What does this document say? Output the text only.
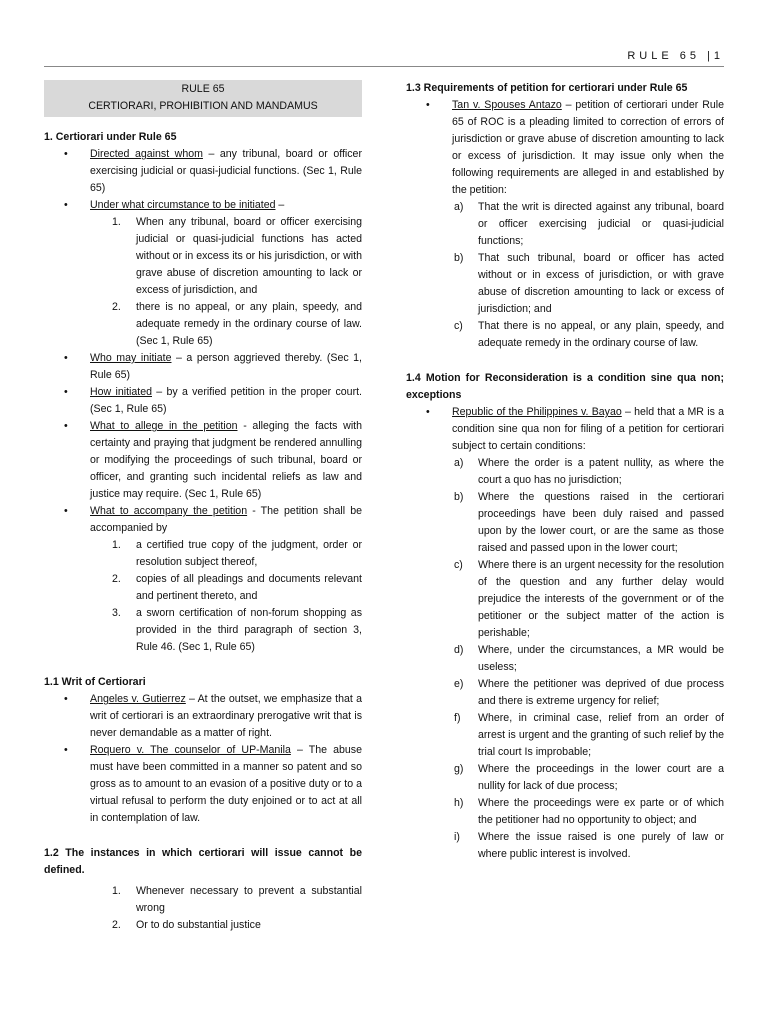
RULE 65 |1
RULE 65
CERTIORARI, PROHIBITION AND MANDAMUS
1. Certiorari under Rule 65
• Directed against whom – any tribunal, board or officer exercising judicial or quasi-judicial functions. (Sec 1, Rule 65)
• Under what circumstance to be initiated –
1. When any tribunal, board or officer exercising judicial or quasi-judicial functions has acted without or in excess its or his jurisdiction, or with grave abuse of discretion amounting to lack or excess of jurisdiction, and
2. there is no appeal, or any plain, speedy, and adequate remedy in the ordinary course of law. (Sec 1, Rule 65)
• Who may initiate – a person aggrieved thereby. (Sec 1, Rule 65)
• How initiated – by a verified petition in the proper court. (Sec 1, Rule 65)
• What to allege in the petition - alleging the facts with certainty and praying that judgment be rendered annulling or modifying the proceedings of such tribunal, board or officer, and granting such incidental reliefs as law and justice may require. (Sec 1, Rule 65)
• What to accompany the petition - The petition shall be accompanied by
1. a certified true copy of the judgment, order or resolution subject thereof,
2. copies of all pleadings and documents relevant and pertinent thereto, and
3. a sworn certification of non-forum shopping as provided in the third paragraph of section 3, Rule 46. (Sec 1, Rule 65)
1.1 Writ of Certiorari
• Angeles v. Gutierrez – At the outset, we emphasize that a writ of certiorari is an extraordinary prerogative writ that is never demandable as a matter of right.
• Roquero v. The counselor of UP-Manila – The abuse must have been committed in a manner so patent and so gross as to amount to an evasion of a positive duty or to a virtual refusal to perform the duty enjoined or to act at all in contemplation of law.
1.2 The instances in which certiorari will issue cannot be defined.
1. Whenever necessary to prevent a substantial wrong
2. Or to do substantial justice
1.3 Requirements of petition for certiorari under Rule 65
• Tan v. Spouses Antazo – petition of certiorari under Rule 65 of ROC is a pleading limited to correction of errors of jurisdiction or grave abuse of discretion amounting to lack or excess of jurisdiction. It may issue only when the following requirements are alleged in and established by the petition:
a) That the writ is directed against any tribunal, board or officer exercising judicial or quasi-judicial functions;
b) That such tribunal, board or officer has acted without or in excess of jurisdiction, or with grave abuse of discretion amounting to lack or excess of jurisdiction; and
c) That there is no appeal, or any plain, speedy, and adequate remedy in the ordinary course of law.
1.4 Motion for Reconsideration is a condition sine qua non; exceptions
• Republic of the Philippines v. Bayao – held that a MR is a condition sine qua non for filing of a petition for certiorari subject to certain conditions:
a) Where the order is a patent nullity, as where the court a quo has no jurisdiction;
b) Where the questions raised in the certiorari proceedings have been duly raised and passed upon by the lower court, or are the same as those raised and passed upon in the lower court;
c) Where there is an urgent necessity for the resolution of the question and any further delay would prejudice the interests of the government or of the petitioner or the subject matter of the action is perishable;
d) Where, under the circumstances, a MR would be useless;
e) Where the petitioner was deprived of due process and there is extreme urgency for relief;
f) Where, in criminal case, relief from an order of arrest is urgent and the granting of such relief by the trial court Is improbable;
g) Where the proceedings in the lower court are a nullity for lack of due process;
h) Where the proceedings were ex parte or of which the petitioner had no opportunity to object; and
i) Where the issue raised is one purely of law or where public interest is involved.
